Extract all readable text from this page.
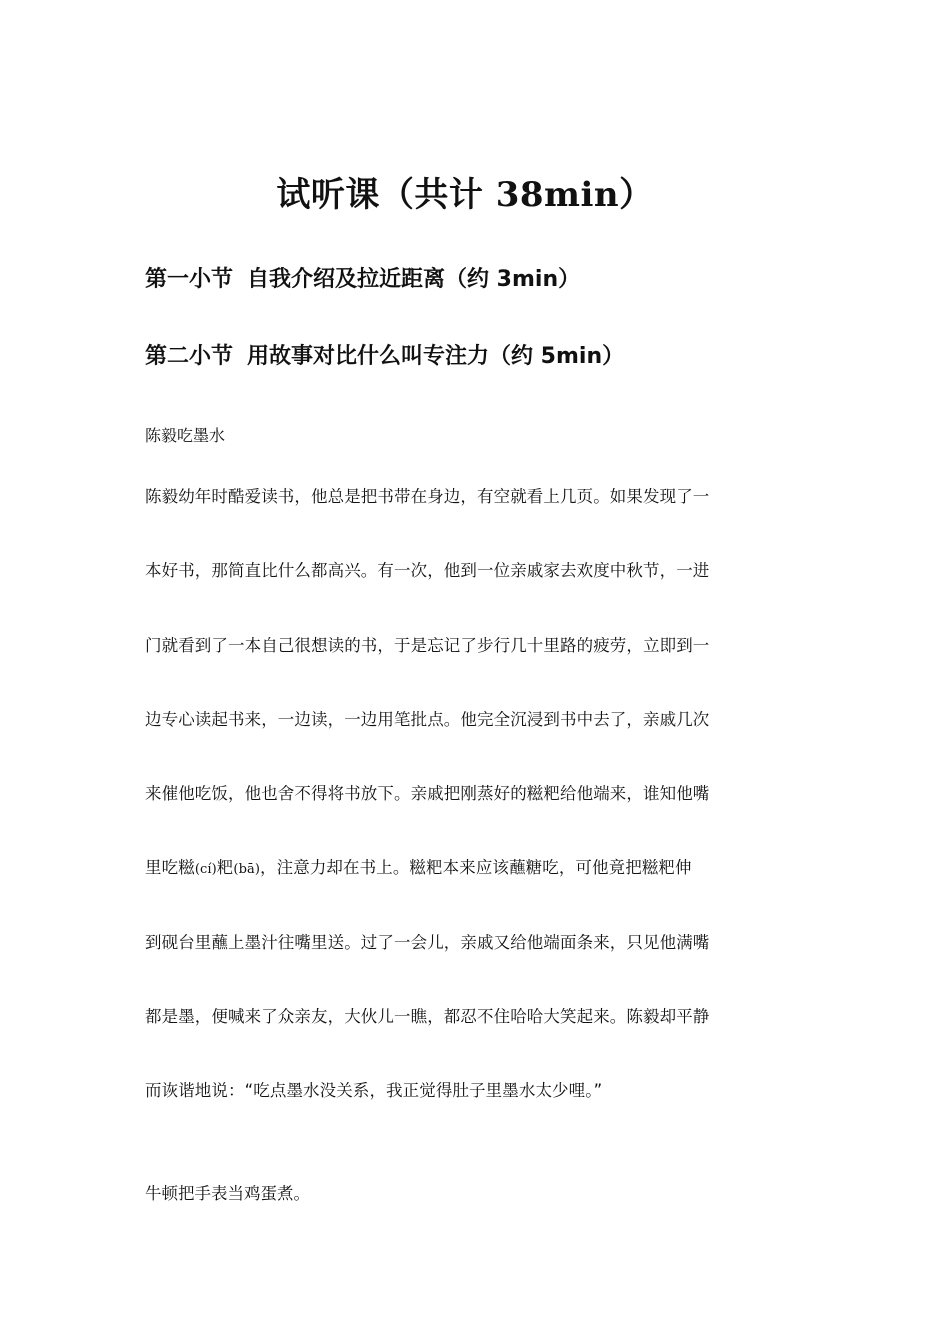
试听课（共计 38min）
第一小节 自我介绍及拉近距离（约 3min）
第二小节 用故事对比什么叫专注力（约 5min）
陈毅吃墨水
陈毅幼年时酷爱读书，他总是把书带在身边，有空就看上几页。如果发现了一
本好书，那简直比什么都高兴。有一次，他到一位亲戚家去欢度中秋节，一进
门就看到了一本自己很想读的书，于是忘记了步行几十里路的疲劳，立即到一
边专心读起书来，一边读，一边用笔批点。他完全沉浸到书中去了，亲戚几次
来催他吃饭，他也舍不得将书放下。亲戚把刚蒸好的糍粑给他端来，谁知他嘴
里吃糍(cí)粑(bā)，注意力却在书上。糍粑本来应该蘸糖吃，可他竟把糍粑伸
到砚台里蘸上墨汁往嘴里送。过了一会儿，亲戚又给他端面条来，只见他满嘴
都是墨，便喊来了众亲友，大伙儿一瞧，都忍不住哈哈大笑起来。陈毅却平静
而诙谐地说：“吃点墨水没关系，我正觉得肚子里墨水太少哩。”
牛顿把手表当鸡蛋煮。
